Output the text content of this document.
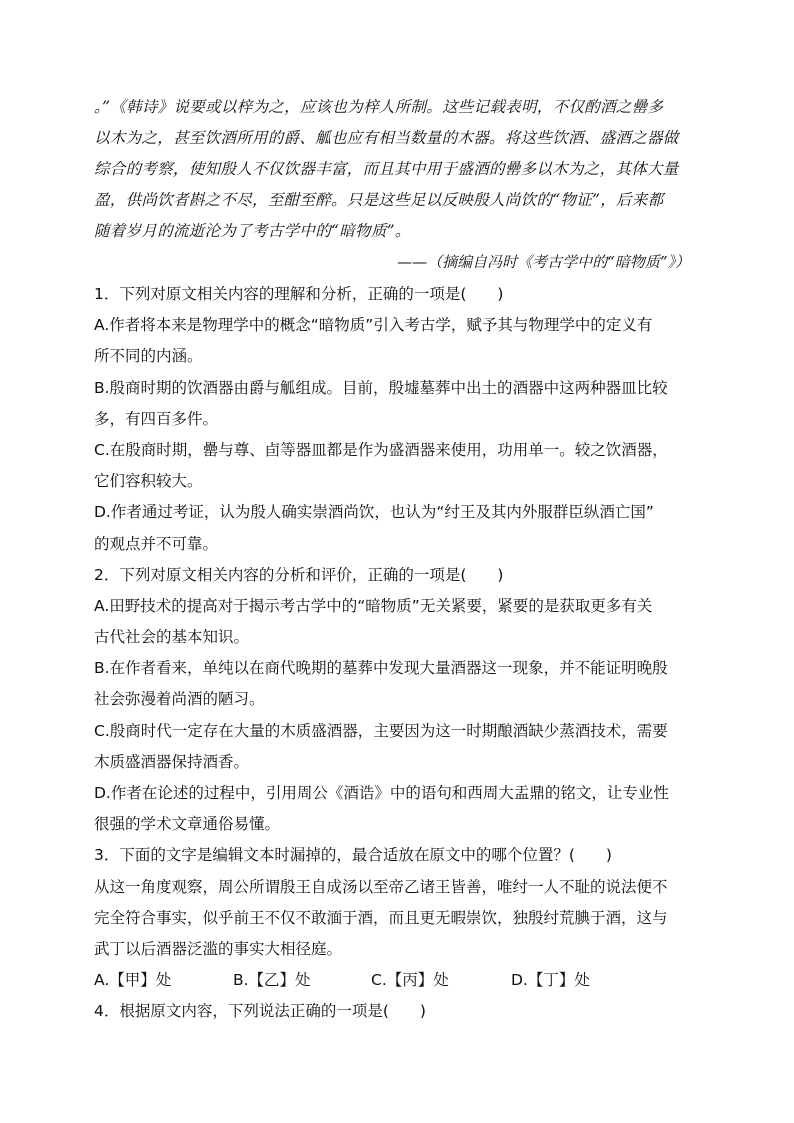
。”《韩诗》说要或以梓为之，应该也为梓人所制。这些记载表明，不仅酌酒之罍多
以木为之，甚至饮酒所用的爵、觚也应有相当数量的木器。将这些饮酒、盛酒之器做
综合的考察，使知殷人不仅饮器丰富，而且其中用于盛酒的罍多以木为之，其体大量
盈，供尚饮者斟之不尽，至酣至醉。只是这些足以反映殷人尚饮的“物证”，后来都
随着岁月的流逝沦为了考古学中的“暗物质”。
——（摘编自冯时《考古学中的“暗物质”》）
1．下列对原文相关内容的理解和分析，正确的一项是(　　)
A.作者将本来是物理学中的概念“暗物质”引入考古学，赋予其与物理学中的定义有
所不同的内涵。
B.殷商时期的饮酒器由爵与觚组成。目前，殷墟墓葬中出土的酒器中这两种器皿比较
多，有四百多件。
C.在殷商时期，罍与尊、卣等器皿都是作为盛酒器来使用，功用单一。较之饮酒器，
它们容积较大。
D.作者通过考证，认为殷人确实崇酒尚饮，也认为“纣王及其内外服群臣纵酒亡国”
的观点并不可靠。
2．下列对原文相关内容的分析和评价，正确的一项是(　　)
A.田野技术的提高对于揭示考古学中的“暗物质”无关紧要，紧要的是获取更多有关
古代社会的基本知识。
B.在作者看来，单纯以在商代晚期的墓葬中发现大量酒器这一现象，并不能证明晚殷
社会弥漫着尚酒的陋习。
C.殷商时代一定存在大量的木质盛酒器，主要因为这一时期酿酒缺少蒸酒技术，需要
木质盛酒器保持酒香。
D.作者在论述的过程中，引用周公《酒诰》中的语句和西周大盂鼎的铭文，让专业性
很强的学术文章通俗易懂。
3．下面的文字是编辑文本时漏掉的，最合适放在原文中的哪个位置？(　　)
从这一角度观察，周公所谓殷王自成汤以至帝乙诸王皆善，唯纣一人不耻的说法便不
完全符合事实，似乎前王不仅不敢湎于酒，而且更无暇崇饮，独殷纣荒腆于酒，这与
武丁以后酒器泛滥的事实大相径庭。
A.【甲】处	B.【乙】处	C.【丙】处	D.【丁】处
4．根据原文内容，下列说法正确的一项是(　　)
